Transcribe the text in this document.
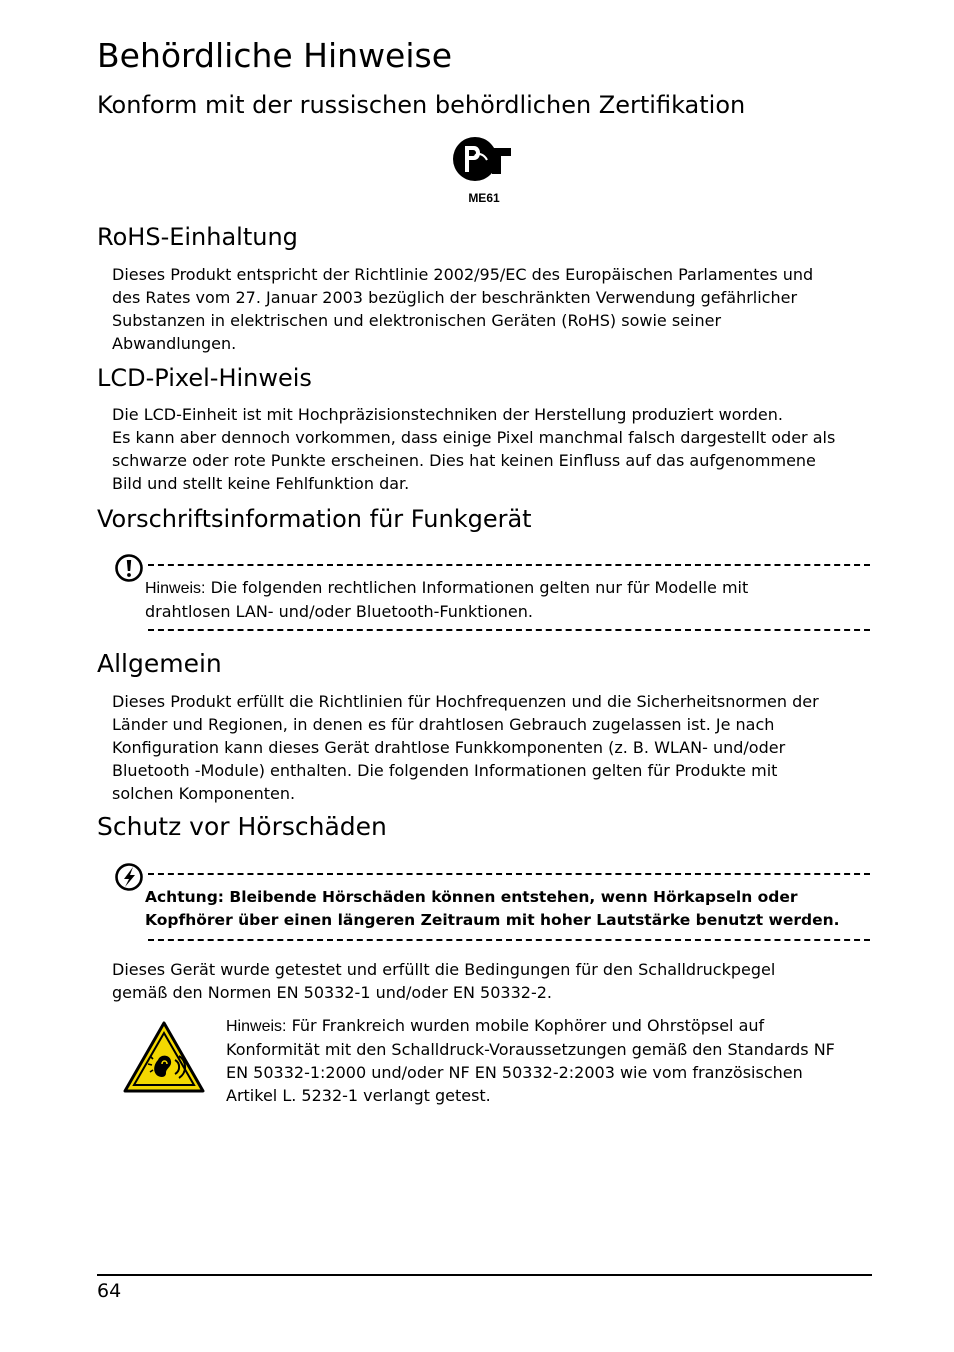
Behördliche Hinweise
Konform mit der russischen behördlichen Zertifikation
ME61
RoHS-Einhaltung
Dieses Produkt entspricht der Richtlinie 2002/95/EC des Europäischen Parlamentes und
des Rates vom 27. Januar 2003 bezüglich der beschränkten Verwendung gefährlicher
Substanzen in elektrischen und elektronischen Geräten (RoHS) sowie seiner
Abwandlungen.
LCD-Pixel-Hinweis
Die LCD-Einheit ist mit Hochpräzisionstechniken der Herstellung produziert worden.
Es kann aber dennoch vorkommen, dass einige Pixel manchmal falsch dargestellt oder als
schwarze oder rote Punkte erscheinen. Dies hat keinen Einfluss auf das aufgenommene
Bild und stellt keine Fehlfunktion dar.
Vorschriftsinformation für Funkgerät
Hinweis: Die folgenden rechtlichen Informationen gelten nur für Modelle mit
drahtlosen LAN- und/oder Bluetooth-Funktionen.
Allgemein
Dieses Produkt erfüllt die Richtlinien für Hochfrequenzen und die Sicherheitsnormen der
Länder und Regionen, in denen es für drahtlosen Gebrauch zugelassen ist. Je nach
Konfiguration kann dieses Gerät drahtlose Funkkomponenten (z. B. WLAN- und/oder
Bluetooth -Module) enthalten. Die folgenden Informationen gelten für Produkte mit
solchen Komponenten.
Schutz vor Hörschäden
Achtung: Bleibende Hörschäden können entstehen, wenn Hörkapseln oder
Kopfhörer über einen längeren Zeitraum mit hoher Lautstärke benutzt werden.
Dieses Gerät wurde getestet und erfüllt die Bedingungen für den Schalldruckpegel
gemäß den Normen EN 50332-1 und/oder EN 50332-2.
Hinweis: Für Frankreich wurden mobile Kophörer und Ohrstöpsel auf
Konformität mit den Schalldruck-Voraussetzungen gemäß den Standards NF
EN 50332-1:2000 und/oder NF EN 50332-2:2003 wie vom französischen
Artikel L. 5232-1 verlangt getest.
64
